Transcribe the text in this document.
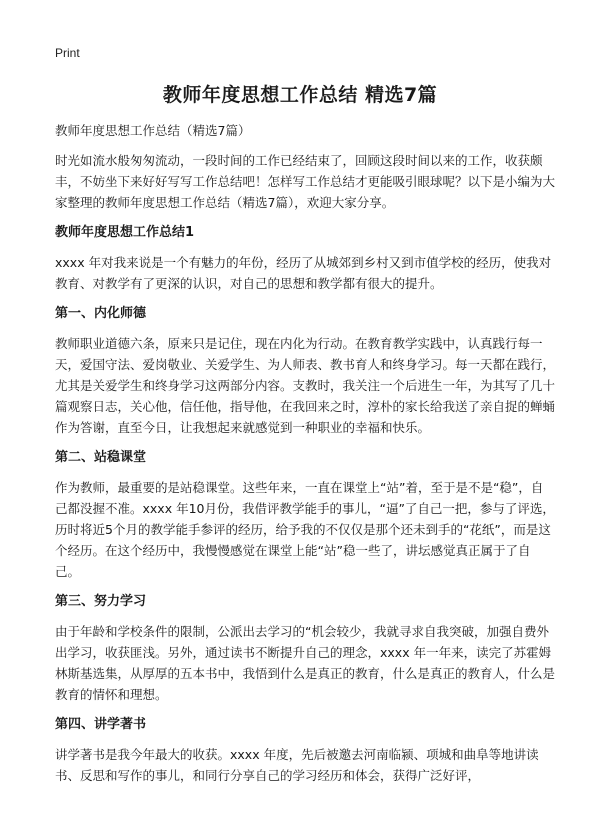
Print
教师年度思想工作总结 精选7篇

教师年度思想工作总结（精选7篇）

时光如流水般匆匆流动，一段时间的工作已经结束了，回顾这段时间以来的工作，收获颇丰，不妨坐下来好好写写工作总结吧！怎样写工作总结才更能吸引眼球呢？以下是小编为大家整理的教师年度思想工作总结（精选7篇），欢迎大家分享。

教师年度思想工作总结1

xxxx 年对我来说是一个有魅力的年份，经历了从城郊到乡村又到市值学校的经历，使我对教育、对教学有了更深的认识，对自己的思想和教学都有很大的提升。

第一、内化师德

教师职业道德六条，原来只是记住，现在内化为行动。在教育教学实践中，认真践行每一天，爱国守法、爱岗敬业、关爱学生、为人师表、教书育人和终身学习。每一天都在践行，尤其是关爱学生和终身学习这两部分内容。支教时，我关注一个后进生一年，为其写了几十篇观察日志，关心他，信任他，指导他，在我回来之时，淳朴的家长给我送了亲自捉的蝉蛹作为答谢，直至今日，让我想起来就感觉到一种职业的幸福和快乐。

第二、站稳课堂

作为教师，最重要的是站稳课堂。这些年来，一直在课堂上“站”着，至于是不是“稳”，自己都没握不准。xxxx 年10月份，我借评教学能手的事儿，“逼”了自己一把，参与了评选，历时将近5个月的教学能手参评的经历，给予我的不仅仅是那个还未到手的“花纸”，而是这个经历。在这个经历中，我慢慢感觉在课堂上能“站”稳一些了，讲坛感觉真正属于了自己。

第三、努力学习

由于年龄和学校条件的限制，公派出去学习的“机会较少，我就寻求自我突破，加强自费外出学习，收获匪浅。另外，通过读书不断提升自己的理念，xxxx 年一年来，读完了苏霍姆林斯基选集，从厚厚的五本书中，我悟到什么是真正的教育，什么是真正的教育人，什么是教育的情怀和理想。

第四、讲学著书

讲学著书是我今年最大的收获。xxxx 年度，先后被邀去河南临颍、项城和曲阜等地讲读书、反思和写作的事儿，和同行分享自己的学习经历和体会，获得广泛好评，
